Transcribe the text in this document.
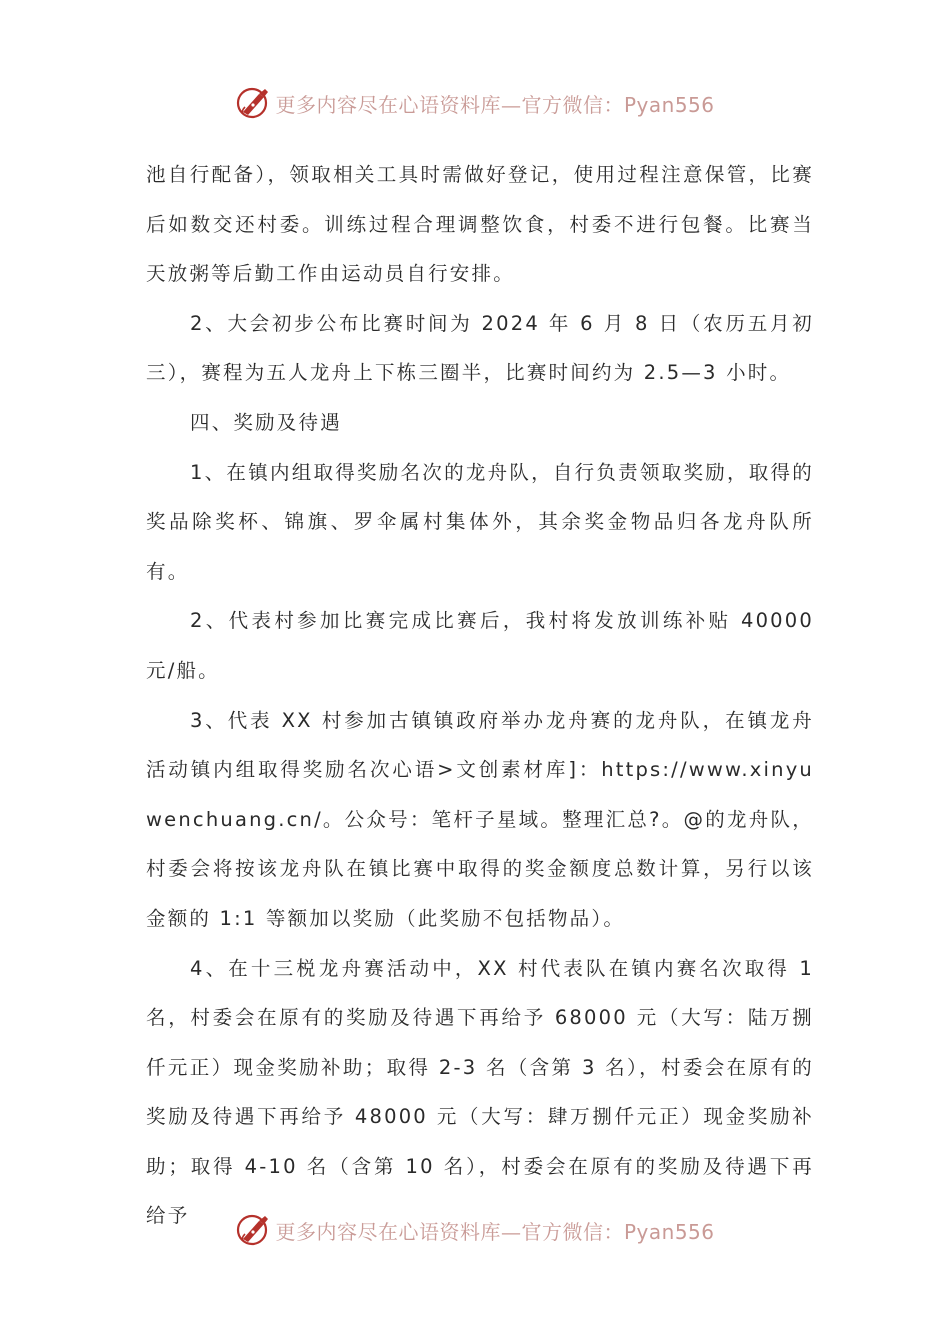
更多内容尽在心语资料库—官方微信：Pyan556

池自行配备），领取相关工具时需做好登记，使用过程注意保管，比赛后如数交还村委。训练过程合理调整饮食，村委不进行包餐。比赛当天放粥等后勤工作由运动员自行安排。

2、大会初步公布比赛时间为 2024 年 6 月 8 日（农历五月初三），赛程为五人龙舟上下栋三圈半，比赛时间约为 2.5—3 小时。

四、奖励及待遇

1、在镇内组取得奖励名次的龙舟队，自行负责领取奖励，取得的奖品除奖杯、锦旗、罗伞属村集体外，其余奖金物品归各龙舟队所有。

2、代表村参加比赛完成比赛后，我村将发放训练补贴 40000 元/船。

3、代表 XX 村参加古镇镇政府举办龙舟赛的龙舟队，在镇龙舟活动镇内组取得奖励名次心语>文创素材库]：https://www.xinyuwenchuang.cn/。公众号：笔杆子星域。整理汇总?。@的龙舟队，村委会将按该龙舟队在镇比赛中取得的奖金额度总数计算，另行以该金额的 1:1 等额加以奖励（此奖励不包括物品）。

4、在十三棁龙舟赛活动中，XX 村代表队在镇内赛名次取得 1 名，村委会在原有的奖励及待遇下再给予 68000 元（大写：陆万捌仟元正）现金奖励补助；取得 2-3 名（含第 3 名），村委会在原有的奖励及待遇下再给予 48000 元（大写：肆万捌仟元正）现金奖励补助；取得 4-10 名（含第 10 名），村委会在原有的奖励及待遇下再给予

更多内容尽在心语资料库—官方微信：Pyan556
